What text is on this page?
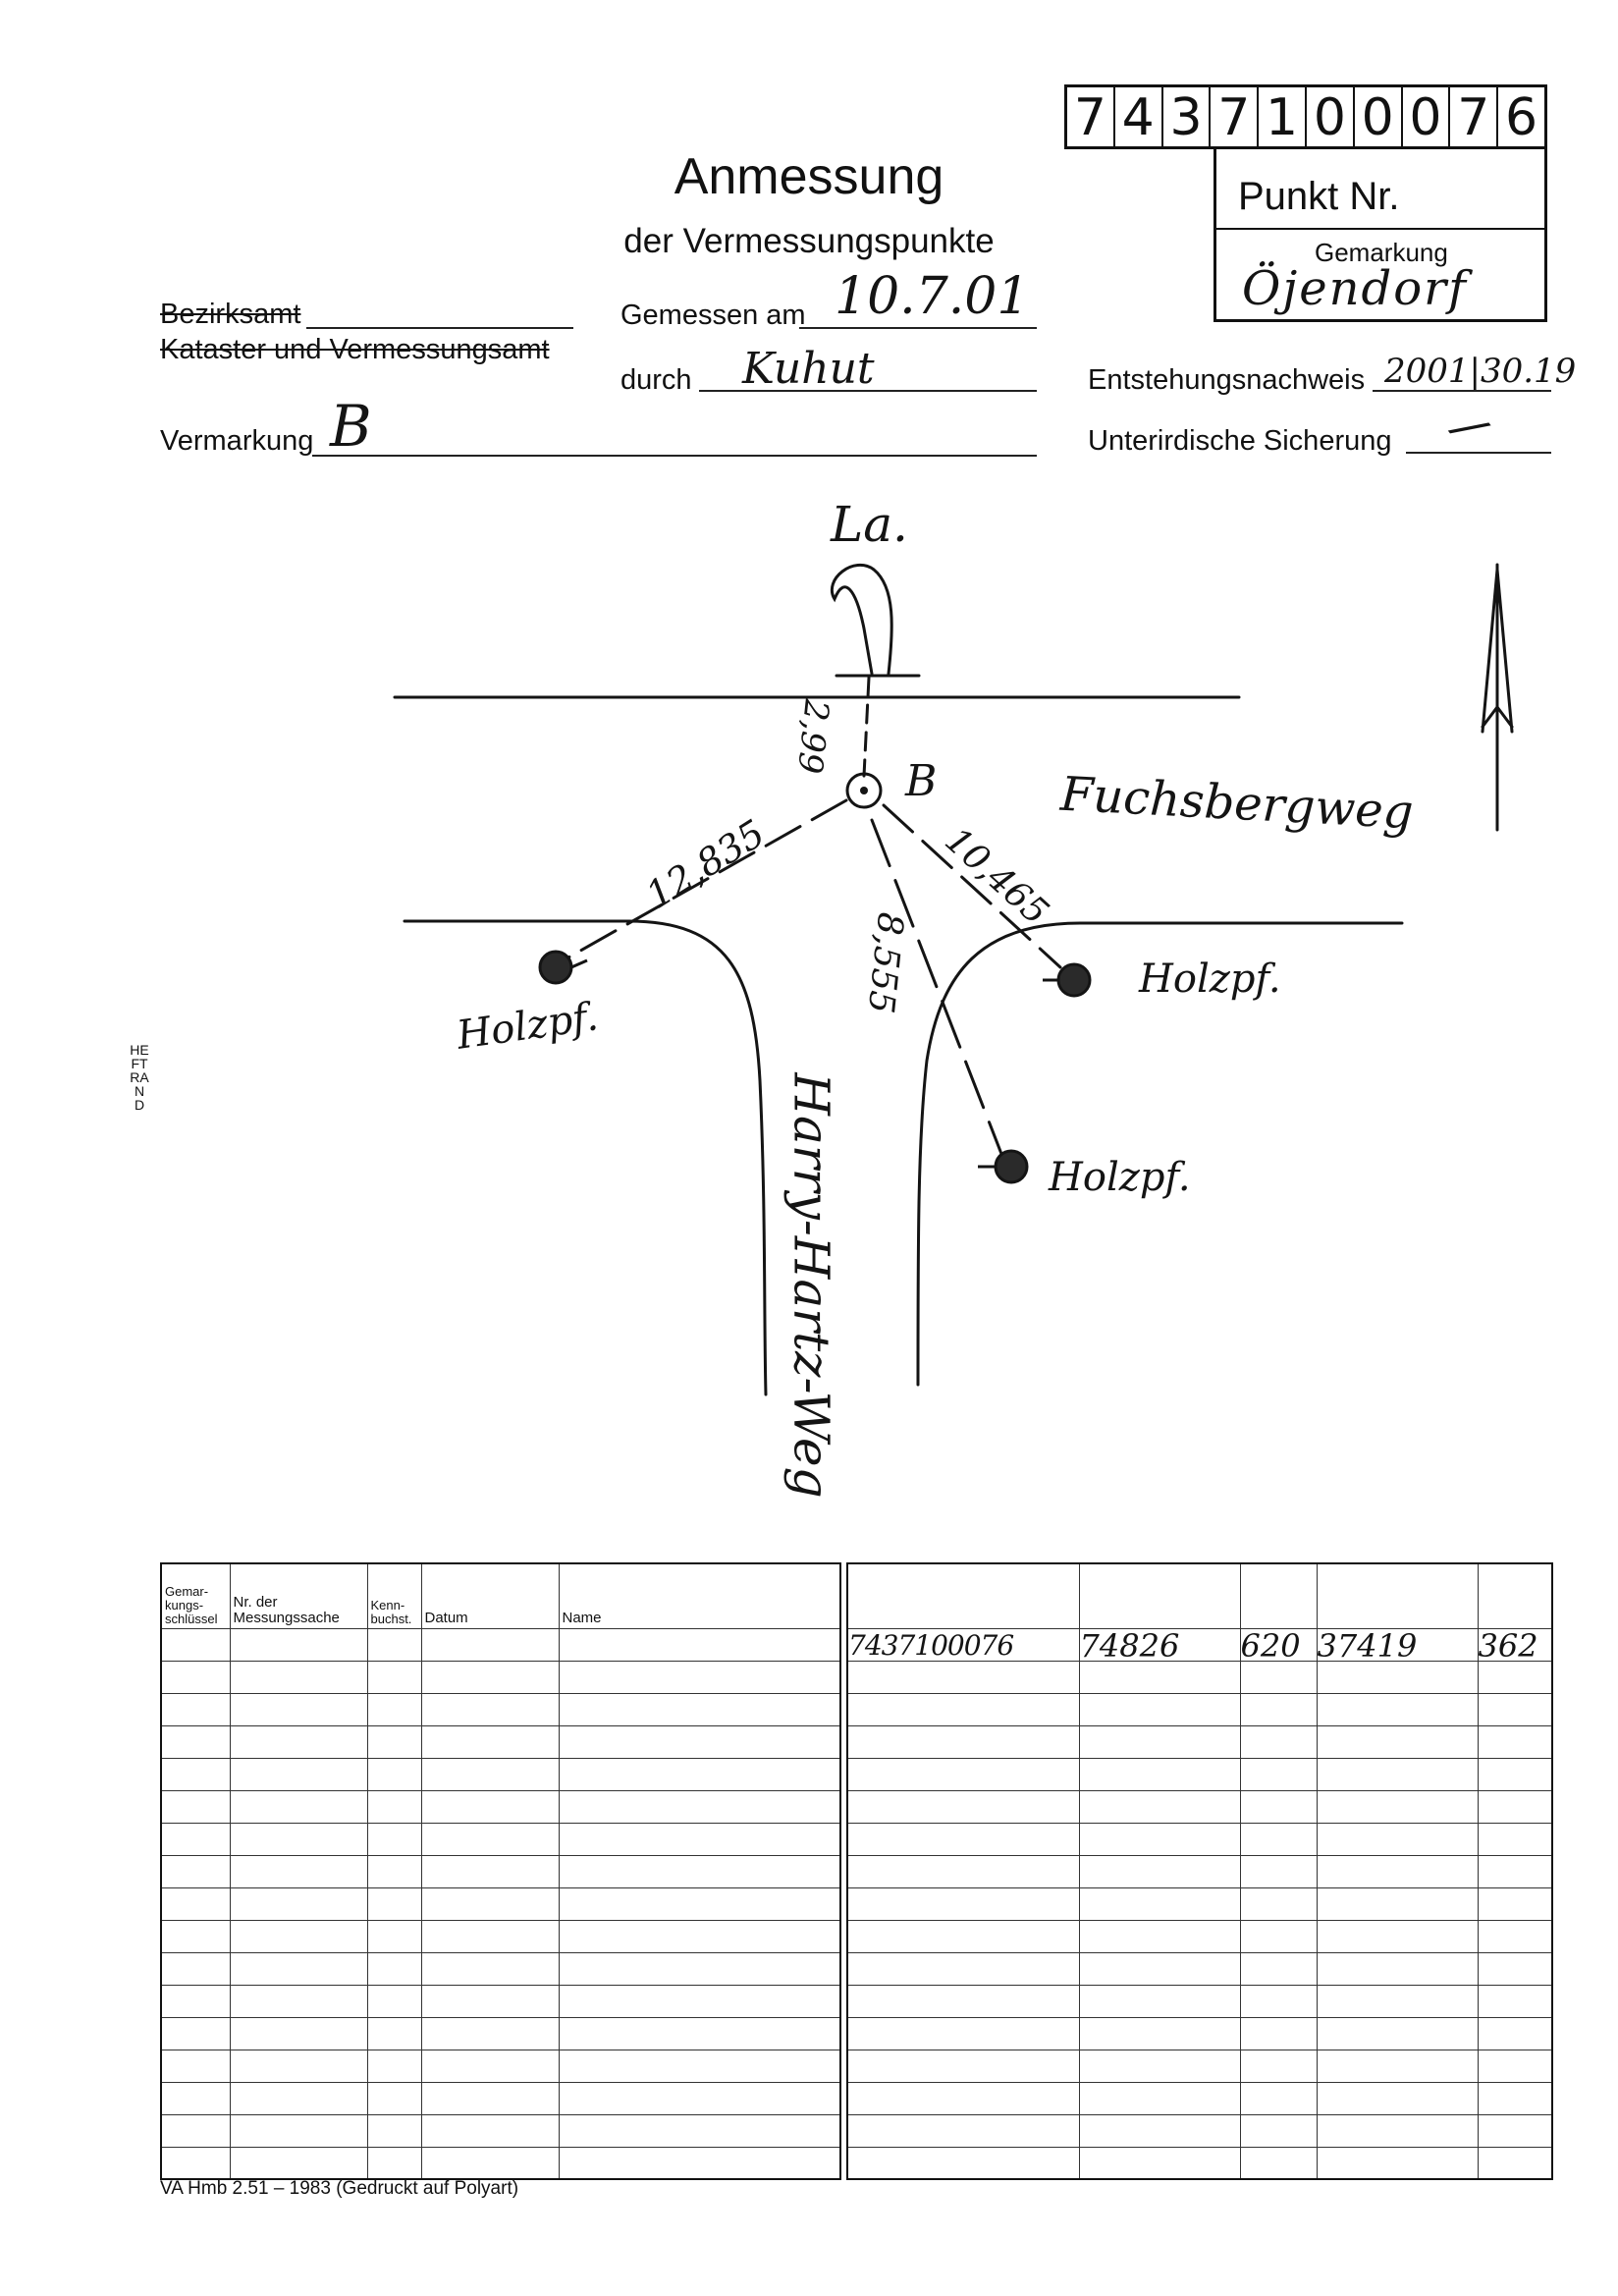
Anmessung
der Vermessungspunkte
Bezirksamt
Kataster und Vermessungsamt
Vermarkung B
Gemessen am 10.7.01
durch Kuhut	Entstehungsnachweis 2001|30.19
Unterirdische Sicherung /
7 4 3 7 1 0 0 0 7 6
Punkt Nr.
Gemarkung
Öjendorf
HEFTRAND
La.
B	Fuchsbergweg
Harry-Hartz-Weg
2,99
12,835	10,465
8,555
Holzpf.
Holzpf.
Holzpf.
Gemar-kungs-schlüssel	Nr. der Messungssache	Kenn-buchst.	Datum	Name

7437100076	74826	620	37419	362

VA Hmb 2.51 – 1983 (Gedruckt auf Polyart)
